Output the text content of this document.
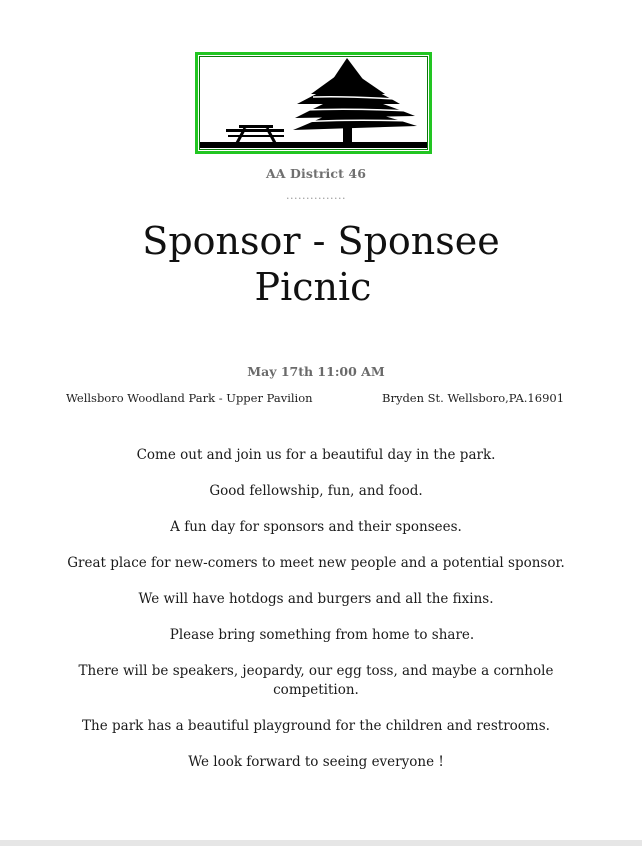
AA District 46
...............
Sponsor - Sponsee
Picnic
May 17th 11:00 AM
Wellsboro Woodland Park - Upper Pavilion	Bryden St. Wellsboro,PA.16901
Come out and join us for a beautiful day in the park.
Good fellowship, fun, and food.
A fun day for sponsors and their sponsees.
Great place for new-comers to meet new people and a potential sponsor.
We will have hotdogs and burgers and all the fixins.
Please bring something from home to share.
There will be speakers, jeopardy, our egg toss, and maybe a cornhole competition.
The park has a beautiful playground for the children and restrooms.
We look forward to seeing everyone !
